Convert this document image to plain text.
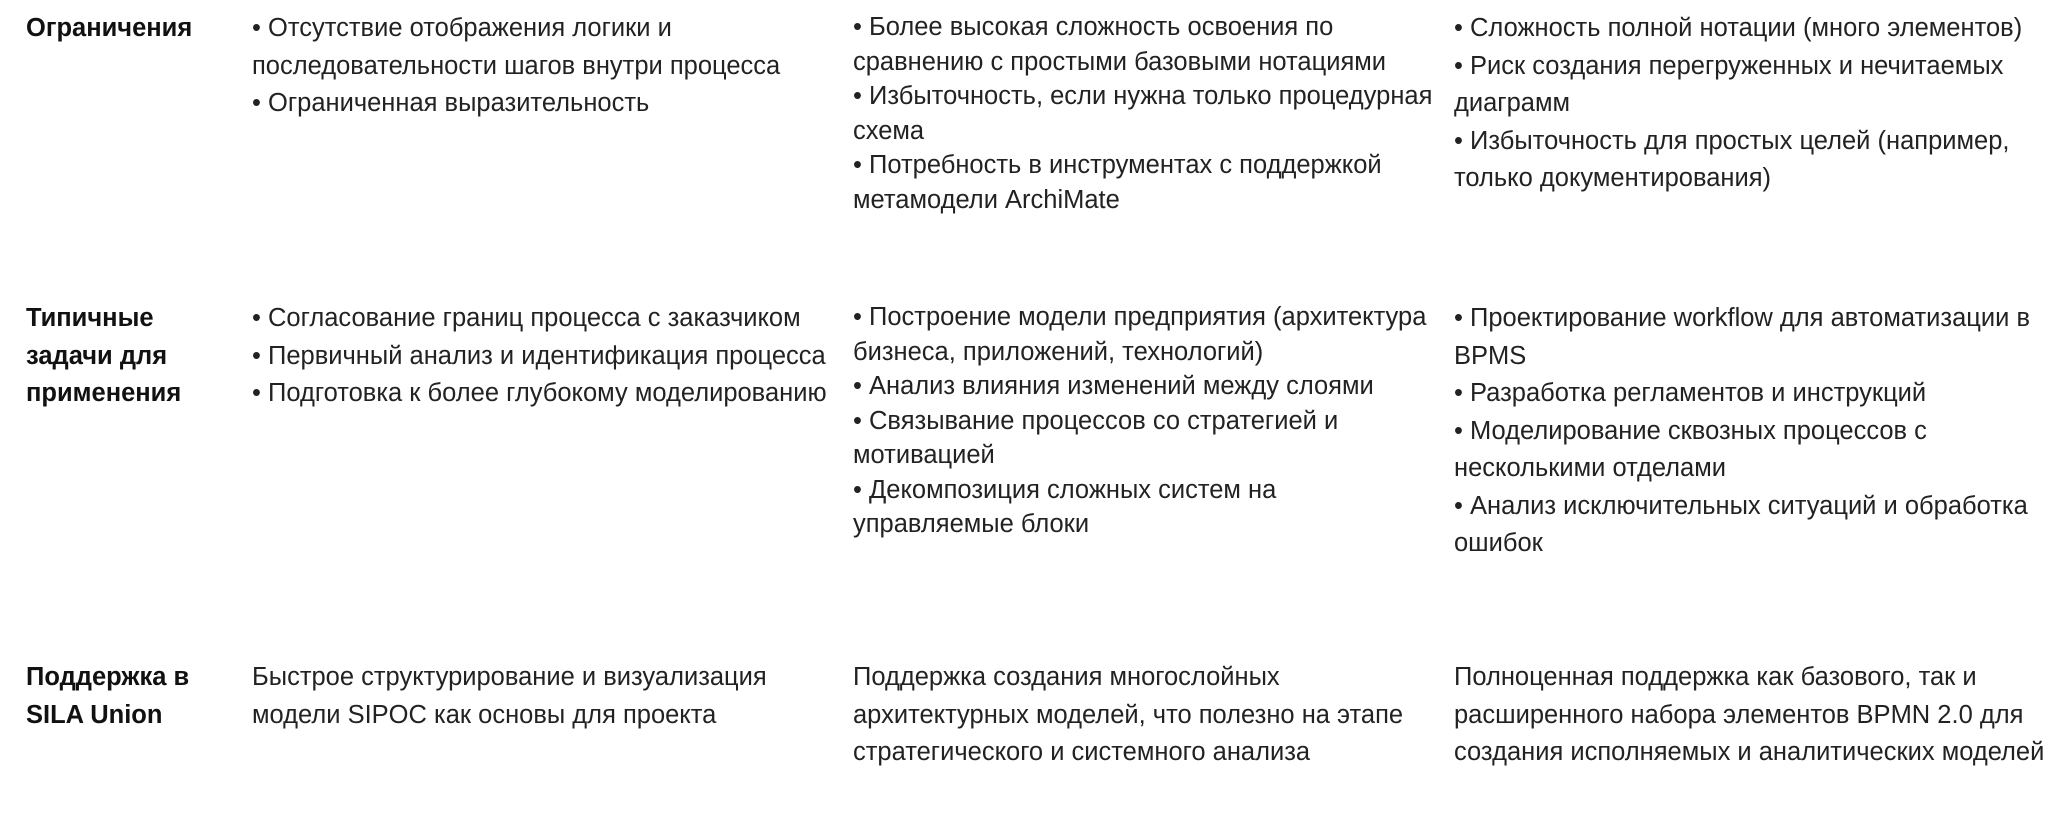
Ограничения	• Отсутствие отображения логики и последовательности шагов внутри процесса
• Ограниченная выразительность
• Более высокая сложность освоения по сравнению с простыми базовыми нотациями
• Избыточность, если нужна только процедурная схема
• Потребность в инструментах с поддержкой метамодели ArchiMate
• Сложность полной нотации (много элементов)
• Риск создания перегруженных и нечитаемых диаграмм
• Избыточность для простых целей (например, только документирования)
Типичные задачи для применения
• Согласование границ процесса с заказчиком
• Первичный анализ и идентификация процесса
• Подготовка к более глубокому моделированию
• Построение модели предприятия (архитектура бизнеса, приложений, технологий)
• Анализ влияния изменений между слоями
• Связывание процессов со стратегией и мотивацией
• Декомпозиция сложных систем на управляемые блоки
• Проектирование workflow для автоматизации в BPMS
• Разработка регламентов и инструкций
• Моделирование сквозных процессов с несколькими отделами
• Анализ исключительных ситуаций и обработка ошибок
Поддержка в SILA Union
Быстрое структурирование и визуализация модели SIPOC как основы для проекта
Поддержка создания многослойных архитектурных моделей, что полезно на этапе стратегического и системного анализа
Полноценная поддержка как базового, так и расширенного набора элементов BPMN 2.0 для создания исполняемых и аналитических моделей
